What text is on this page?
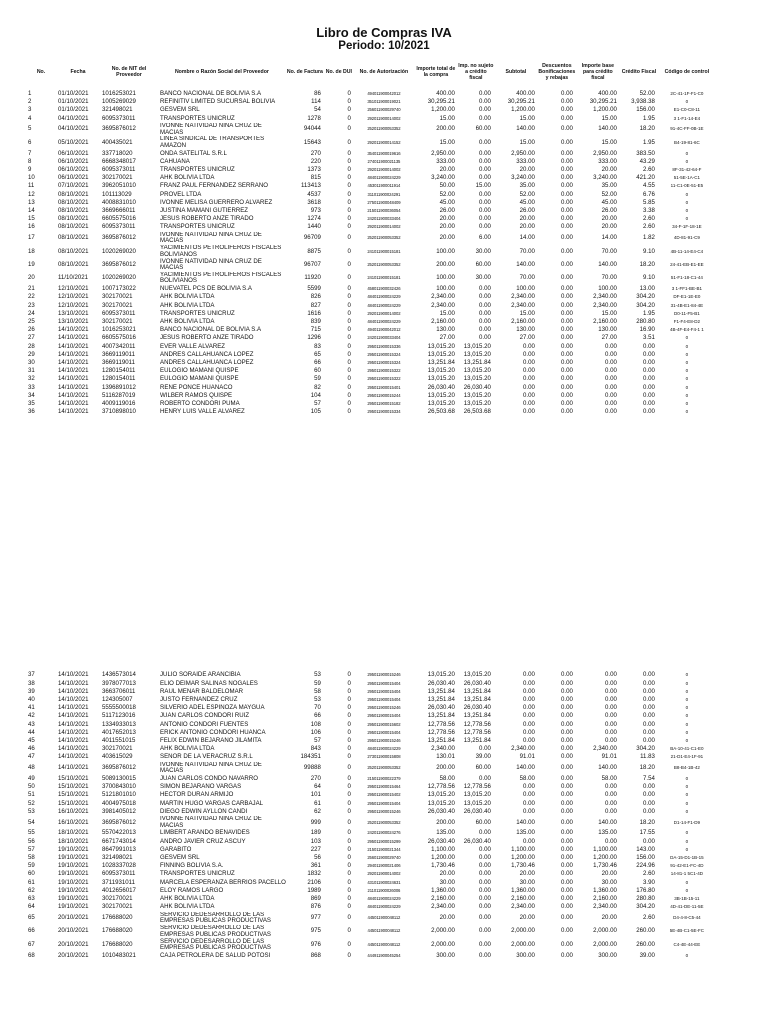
Libro de Compras IVA
Periodo: 10/2021
No.	Fecha	No. de NIT del Proveedor	Nombre o Razón Social del Proveedor	No. de Factura	No. de DUI	No. de Autorización	Importe total de la compra	Imp. no sujeto a crédito fiscal	Subtotal	Descuentos Bonificaciones y rebajas	Importe base para crédito fiscal	Crédito Fiscal	Código de control
1	01/10/2021	1016253021	BANCO NACIONAL DE BOLIVIA S.A	86	0	494011900042012	400.00	0.00	400.00	0.00	400.00	52.00	2C-41-1F-F1-C0
2	01/10/2021	1005269029	REFINITIV LIMITED SUCURSAL BOLIVIA	114	0	351011900019021	30,295.21	0.00	30,295.21	0.00	30,295.21	3,938.38	0
3	01/10/2021	321498021	GESVEM SRL	54	0	256011900029740	1,200.00	0.00	1,200.00	0.00	1,200.00	156.00	E1-C0-C8-11
4	04/10/2021	6095373011	TRANSPORTES UNICRUZ	1278	0	292011900014002	15.00	0.00	15.00	0.00	15.00	1.95	3 1-F1-14-E4
5	04/10/2021	3695876012	IVONNE NATIVIDAD NINA CRUZ DE MACIAS	94044	0	252011900053352	200.00	60.00	140.00	0.00	140.00	18.20	91-4C-FF-0B-1E
6	05/10/2021	400435021	LINEA SINDICAL DE TRANSPORTES AMAZON	15643	0	292011900014152	15.00	0.00	15.00	0.00	15.00	1.95	B4-19-81-6C
7	06/10/2021	337718020	ONDA SATELITAL S.R.L	270	0	354011900019616	2,950.00	0.00	2,950.00	0.00	2,950.00	383.50	0
8	06/10/2021	6668348017	CAHUANA	220	0	274011900021135	333.00	0.00	333.00	0.00	333.00	43.29	0
9	06/10/2021	6095373011	TRANSPORTES UNICRUZ	1373	0	292011900014002	20.00	0.00	20.00	0.00	20.00	2.60	8F-31-42-64-F
10	06/10/2021	302170021	AHK BOLIVIA LTDA	815	0	484011900024229	3,240.00	0.00	3,240.00	0.00	3,240.00	421.20	51-5E-1A-C1
11	07/10/2021	3962051010	FRANZ PAUL FERNANDEZ SERRANO	113413	0	453011900011914	50.00	15.00	35.00	0.00	35.00	4.55	11-C1-0E-51-E5
12	08/10/2021	101113029	PROVEL LTDA	4537	0	311011900024291	52.00	0.00	52.00	0.00	52.00	6.76	0
13	08/10/2021	4008831010	IVONNE MELISA GUERRERO ALVAREZ	3618	0	275011900048409	45.00	0.00	45.00	0.00	45.00	5.85	0
14	08/10/2021	3669666011	JUSTINA MAMANI GUTIERREZ	973	0	215011900036054	26.00	0.00	26.00	0.00	26.00	3.38	0
15	08/10/2021	6605575016	JESUS ROBERTO ANZE TIRADO	1274	0	242011900033404	20.00	0.00	20.00	0.00	20.00	2.60	0
16	08/10/2021	6095373011	TRANSPORTES UNICRUZ	1440	0	292011900014002	20.00	0.00	20.00	0.00	20.00	2.60	34-F-1F-18-1E
17	08/10/2021	3695876012	IVONNE NATIVIDAD NINA CRUZ DE MACIAS	96709	0	252011900053352	20.00	6.00	14.00	0.00	14.00	1.82	4D-81-91-C9
18	08/10/2021	1020269020	YACIMIENTOS PETROLIFEROS FISCALES BOLIVIANOS	8875	0	241011900015181	100.00	30.00	70.00	0.00	70.00	9.10	4B-11-14-E4-C4
19	08/10/2021	3695876012	IVONNE NATIVIDAD NINA CRUZ DE MACIAS	96707	0	252011900053352	200.00	60.00	140.00	0.00	140.00	18.20	24-41-EB-E1-EE
20	11/10/2021	1020269020	YACIMIENTOS PETROLIFEROS FISCALES BOLIVIANOS	11920	0	241011900015181	100.00	30.00	70.00	0.00	70.00	9.10	51-F1-18-C1-44
21	12/10/2021	1007173022	NUEVATEL PCS DE BOLIVIA S.A	5599	0	458011900032426	100.00	0.00	100.00	0.00	100.00	13.00	3 1-FF1-BE-B1
22	12/10/2021	302170021	AHK BOLIVIA LTDA	826	0	484011900024229	2,340.00	0.00	2,340.00	0.00	2,340.00	304.20	DF-E1-1E-E0
23	12/10/2021	302170021	AHK BOLIVIA LTDA	827	0	484011900024229	2,340.00	0.00	2,340.00	0.00	2,340.00	304.20	31-4B-E1-84-4E
24	13/10/2021	6095373011	TRANSPORTES UNICRUZ	1616	0	292011900014002	15.00	0.00	15.00	0.00	15.00	1.95	D0-11-F5-B1
25	13/10/2021	302170021	AHK BOLIVIA LTDA	839	0	484011900024229	2,160.00	0.00	2,160.00	0.00	2,160.00	280.80	F1-F4-E8-D2
26	14/10/2021	1016253021	BANCO NACIONAL DE BOLIVIA S.A	715	0	494011900042012	130.00	0.00	130.00	0.00	130.00	16.90	4B-4F-E4-F4-1 1
27	14/10/2021	6605575016	JESUS ROBERTO ANZE TIRADO	1296	0	242011900033404	27.00	0.00	27.00	0.00	27.00	3.51	0
28	14/10/2021	4007342011	EVER VALLE ALVAREZ	83	0	295011900015336	13,015.20	13,015.20	0.00	0.00	0.00	0.00	0
29	14/10/2021	3669119011	ANDRES CALLAHUANCA LOPEZ	65	0	295011900015324	13,015.20	13,015.20	0.00	0.00	0.00	0.00	0
30	14/10/2021	3669119011	ANDRES CALLAHUANCA LOPEZ	66	0	295011900015324	13,251.84	13,251.84	0.00	0.00	0.00	0.00	0
31	14/10/2021	1280154011	EULOGIO MAMANI QUISPE	60	0	295011900015322	13,015.20	13,015.20	0.00	0.00	0.00	0.00	0
32	14/10/2021	1280154011	EULOGIO MAMANI QUISPE	59	0	295011900015322	13,015.20	13,015.20	0.00	0.00	0.00	0.00	0
33	14/10/2021	1396891012	RENE PONCE HUANACO	82	0	295011900015401	26,030.40	26,030.40	0.00	0.00	0.00	0.00	0
34	14/10/2021	5116287019	WILBER RAMOS QUISPE	104	0	295011900015244	13,015.20	13,015.20	0.00	0.00	0.00	0.00	0
35	14/10/2021	4009119016	ROBERTO CONDORI PUMA	57	0	295011900015182	13,015.20	13,015.20	0.00	0.00	0.00	0.00	0
36	14/10/2021	3710898010	HENRY LUIS VALLE ALVAREZ	105	0	295011900015334	26,503.68	26,503.68	0.00	0.00	0.00	0.00	0

37	14/10/2021	1436573014	JULIO SORAIDE ARANCIBIA	53	0	295011900015246	13,015.20	13,015.20	0.00	0.00	0.00	0.00	0
38	14/10/2021	3978077013	ELIO DEIMAR SALINAS NOGALES	59	0	295011900015404	26,030.40	26,030.40	0.00	0.00	0.00	0.00	0
39	14/10/2021	3663706011	RAUL MENAR BALDELOMAR	58	0	295011900015404	13,251.84	13,251.84	0.00	0.00	0.00	0.00	0
40	14/10/2021	124305007	JUSTO FERNANDEZ CRUZ	53	0	295011900015404	13,251.84	13,251.84	0.00	0.00	0.00	0.00	0
41	14/10/2021	5555500018	SILVERIO ADEL ESPINOZA MAYGUA	70	0	295011900015246	26,030.40	26,030.40	0.00	0.00	0.00	0.00	0
42	14/10/2021	5117123016	JUAN CARLOS CONDORI RUIZ	66	0	295011900015404	13,251.84	13,251.84	0.00	0.00	0.00	0.00	0
43	14/10/2021	1334933013	ANTONIO CONDORI FUENTES	108	0	295011900015602	12,778.56	12,778.56	0.00	0.00	0.00	0.00	0
44	14/10/2021	4017652013	ERICK ANTONIO CONDORI HUANCA	106	0	295011900015404	12,778.56	12,778.56	0.00	0.00	0.00	0.00	0
45	14/10/2021	4011551015	FELIX EDWIN BEJARANO JILAMITA	57	0	295011900015246	13,251.84	13,251.84	0.00	0.00	0.00	0.00	0
46	14/10/2021	302170021	AHK BOLIVIA LTDA	843	0	484011900024229	2,340.00	0.00	2,340.00	0.00	2,340.00	304.20	BA-10-41-C1-E0
47	14/10/2021	403615029	SEÑOR DE LA VERACRUZ S.R.L	184351	0	273011900015808	130.01	39.00	91.01	0.00	91.01	11.83	21-D1-E4-1F-91
48	14/10/2021	3695876012	IVONNE NATIVIDAD NINA CRUZ DE MACIAS	99888	0	252011900053352	200.00	60.00	140.00	0.00	140.00	18.20	B8-B4-1B-42
49	15/10/2021	5089130015	JUAN CARLOS CONDO NAVARRO	270	0	215011900022379	58.00	0.00	58.00	0.00	58.00	7.54	0
50	15/10/2021	3700843010	SIMON BEJARANO VARGAS	64	0	295011900015464	12,778.56	12,778.56	0.00	0.00	0.00	0.00	0
51	15/10/2021	5121801010	HECTOR DURAN ARMIJO	101	0	295011900015402	13,015.20	13,015.20	0.00	0.00	0.00	0.00	0
52	15/10/2021	4004975018	MARTIN HUGO VARGAS CARBAJAL	61	0	295011900015404	13,015.20	13,015.20	0.00	0.00	0.00	0.00	0
53	16/10/2021	3981405012	DIEGO EDWIN AYLLON CANDI	62	0	295011900015246	26,030.40	26,030.40	0.00	0.00	0.00	0.00	0
54	16/10/2021	3695876012	IVONNE NATIVIDAD NINA CRUZ DE MACIAS	999	0	252011900053352	200.00	60.00	140.00	0.00	140.00	18.20	D1-14-F1-D9
55	18/10/2021	5570422013	LIMBERT ARANDO BENAVIDES	189	0	242011900024276	135.00	0.00	135.00	0.00	135.00	17.55	0
56	18/10/2021	6671743014	ANDRO JAVIER CRUZ ASCUY	103	0	295011900015299	26,030.40	26,030.40	0.00	0.00	0.00	0.00	0
57	19/10/2021	8647991013	GARABITO	227	0	215011900021344	1,100.00	0.00	1,100.00	0.00	1,100.00	143.00	0
58	19/10/2021	321498021	GESVEM SRL	56	0	256011900029740	1,200.00	0.00	1,200.00	0.00	1,200.00	156.00	DA-15-D1-1B-15
59	19/10/2021	1028337028	FINNING BOLIVIA S.A.	361	0	294011900021406	1,730.46	0.00	1,730.46	0.00	1,730.46	224.96	91-42-E1-FC-4D
60	19/10/2021	6095373011	TRANSPORTES UNICRUZ	1832	0	292011900014002	20.00	0.00	20.00	0.00	20.00	2.60	14-81-1 5C1-4D
61	19/10/2021	3711931011	MARCELA ESPERANZA BERRIOS PACELLO	2106	0	431011900024631	30.00	0.00	30.00	0.00	30.00	3.90	0
62	19/10/2021	4012656017	ELOY RAMOS LARGO	1989	0	211011900026006	1,360.00	0.00	1,360.00	0.00	1,360.00	176.80	0
63	19/10/2021	302170021	AHK BOLIVIA LTDA	869	0	484011900024229	2,160.00	0.00	2,160.00	0.00	2,160.00	280.80	3B-1B-15-11
64	19/10/2021	302170021	AHK BOLIVIA LTDA	876	0	484011900024229	2,340.00	0.00	2,340.00	0.00	2,340.00	304.20	4D-41-DE-11-5E
65	20/10/2021	176688020	SERVICIO DEDESARROLLO DE LAS EMPRESAS PUBLICAS PRODUCTIVAS	977	0	445011900048112	20.00	0.00	20.00	0.00	20.00	2.60	D4-4-8-C5-44
66	20/10/2021	176688020	SERVICIO DEDESARROLLO DE LAS EMPRESAS PUBLICAS PRODUCTIVAS	975	0	445011900048112	2,000.00	0.00	2,000.00	0.00	2,000.00	260.00	5E-4B-C1-5E-FC
67	20/10/2021	176688020	SERVICIO DEDESARROLLO DE LAS EMPRESAS PUBLICAS PRODUCTIVAS	976	0	445011900048112	2,000.00	0.00	2,000.00	0.00	2,000.00	260.00	C4-4E-44-EE
68	20/10/2021	1010483021	CAJA PETROLERA DE SALUD POTOSI	868	0	444911900045254	300.00	0.00	300.00	0.00	300.00	39.00	0
